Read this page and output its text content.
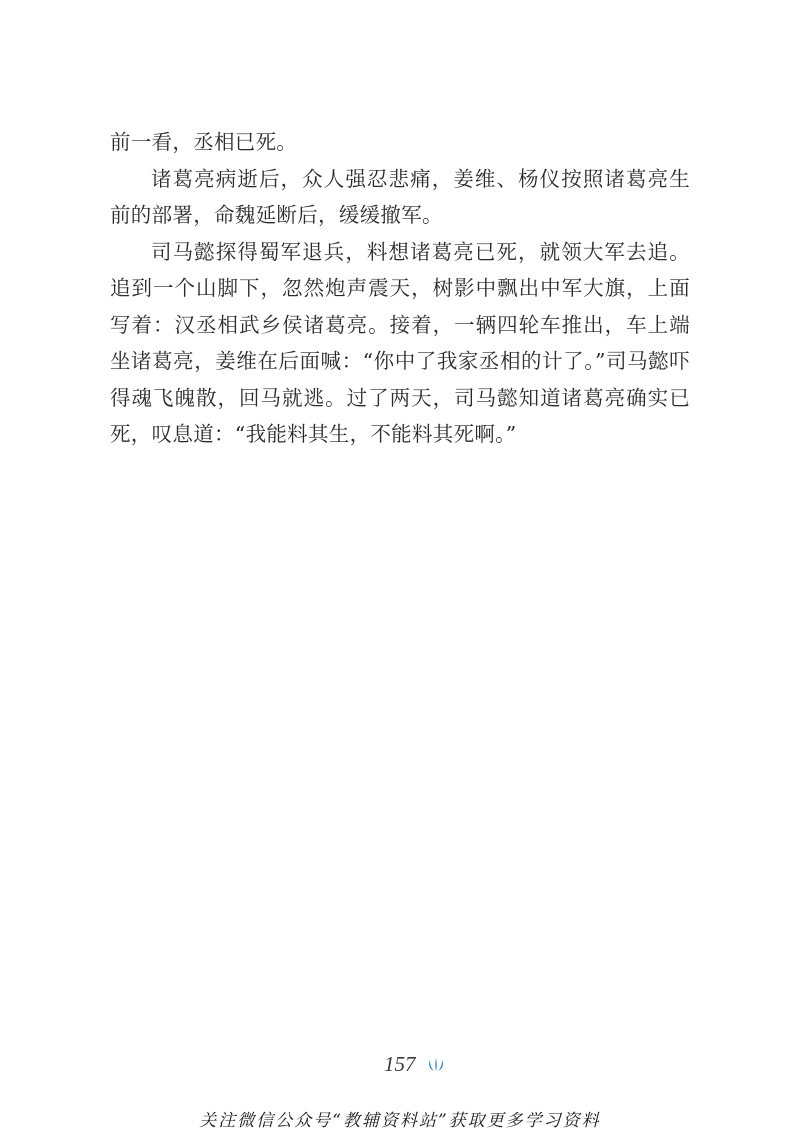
前一看，丞相已死。

诸葛亮病逝后，众人强忍悲痛，姜维、杨仪按照诸葛亮生前的部署，命魏延断后，缓缓撤军。

司马懿探得蜀军退兵，料想诸葛亮已死，就领大军去追。追到一个山脚下，忽然炮声震天，树影中飘出中军大旗，上面写着：汉丞相武乡侯诸葛亮。接着，一辆四轮车推出，车上端坐诸葛亮，姜维在后面喊：“你中了我家丞相的计了。”司马懿吓得魂飞魄散，回马就逃。过了两天，司马懿知道诸葛亮确实已死，叹息道：“我能料其生，不能料其死啊。”

157
关注微信公众号“教辅资料站”获取更多学习资料
